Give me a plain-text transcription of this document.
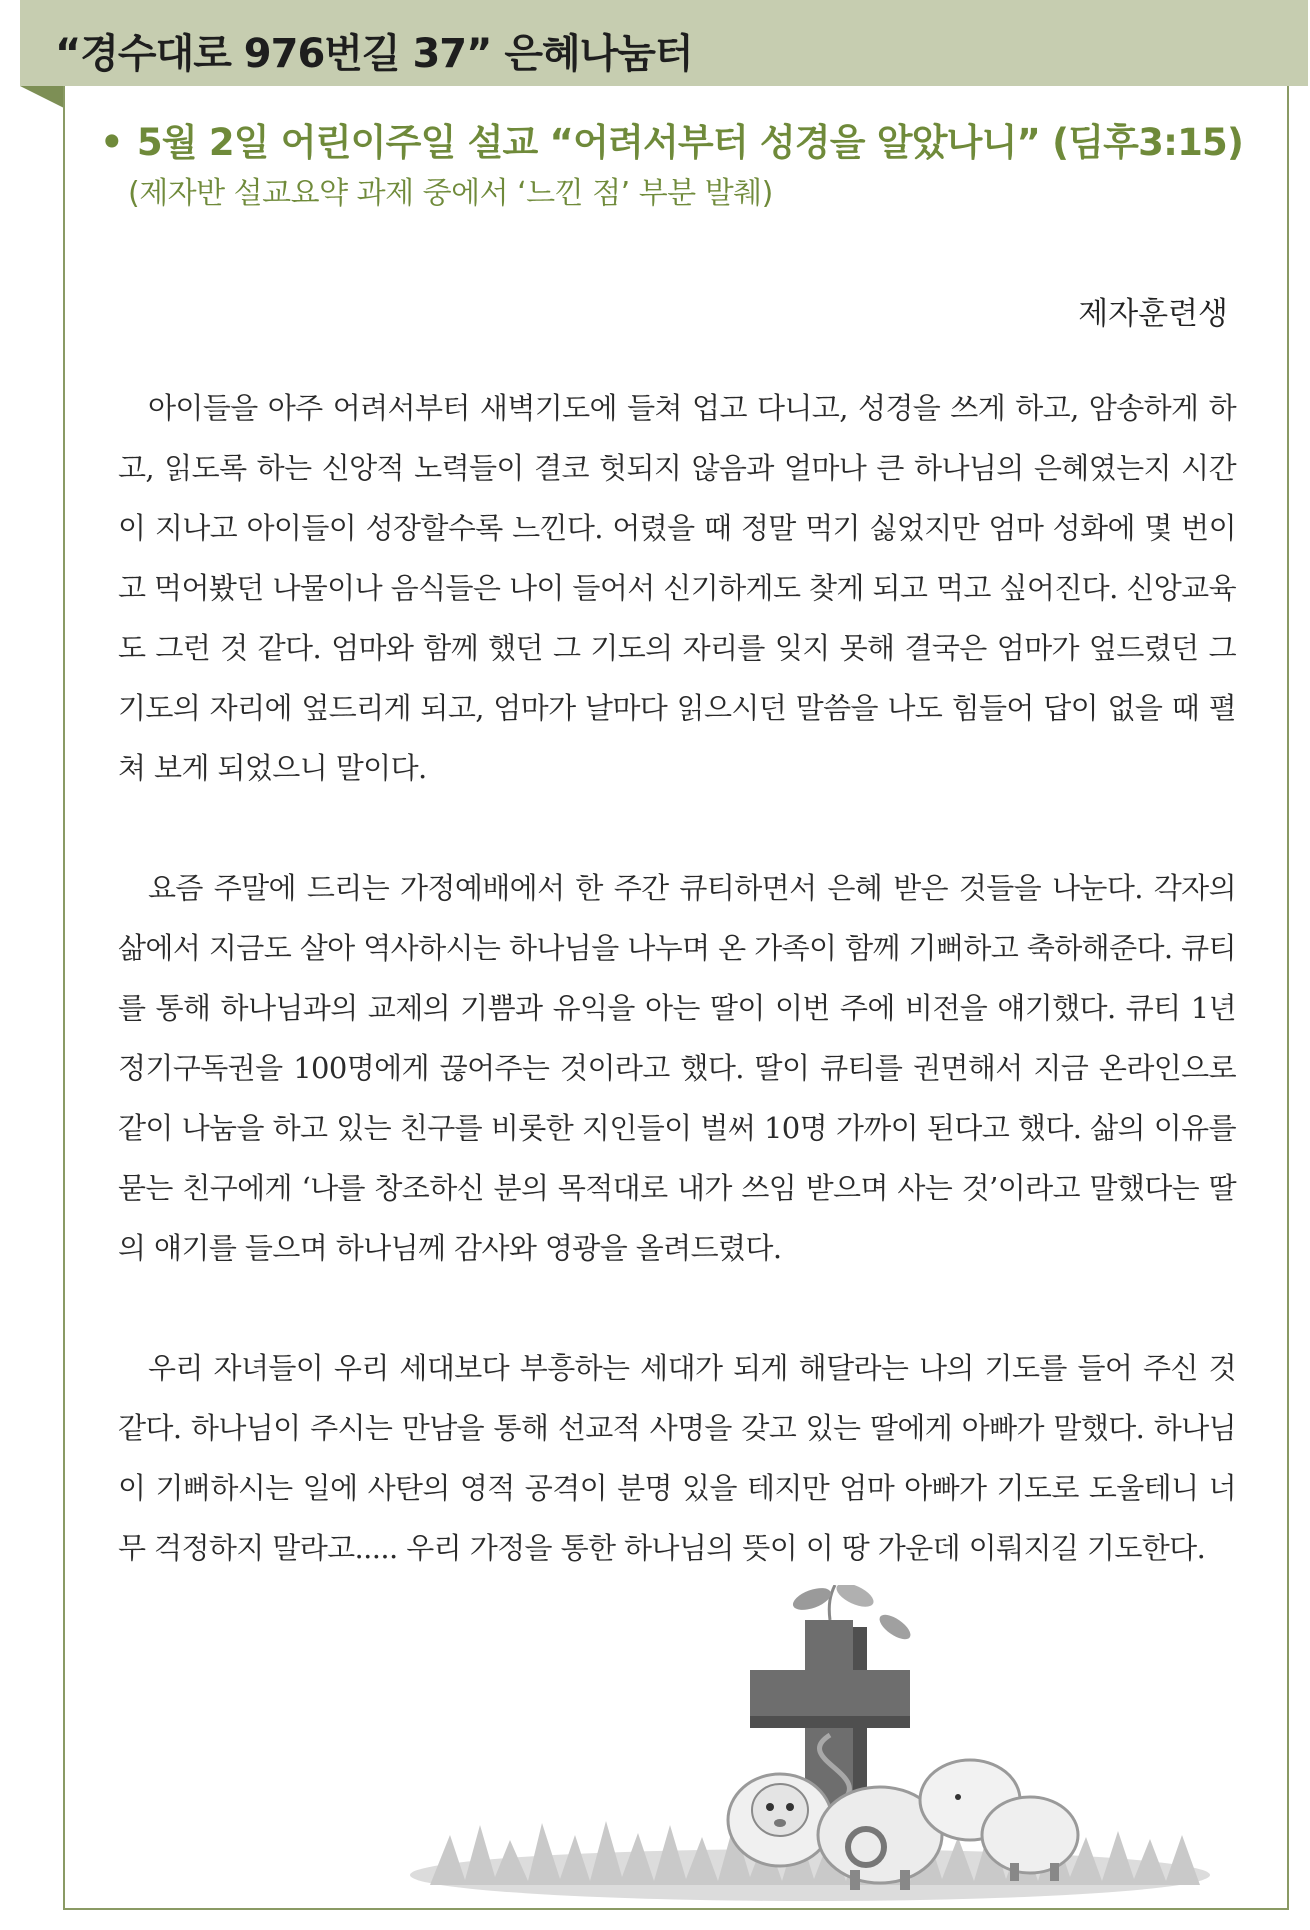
“경수대로 976번길 37” 은혜나눔터
• 5월 2일 어린이주일 설교 “어려서부터 성경을 알았나니” (딤후3:15)
(제자반 설교요약 과제 중에서 ‘느낀 점’ 부분 발췌)
제자훈련생

아이들을 아주 어려서부터 새벽기도에 들쳐 업고 다니고, 성경을 쓰게 하고, 암송하게 하고, 읽도록 하는 신앙적 노력들이 결코 헛되지 않음과 얼마나 큰 하나님의 은혜였는지 시간이 지나고 아이들이 성장할수록 느낀다. 어렸을 때 정말 먹기 싫었지만 엄마 성화에 몇 번이고 먹어봤던 나물이나 음식들은 나이 들어서 신기하게도 찾게 되고 먹고 싶어진다. 신앙교육도 그런 것 같다. 엄마와 함께 했던 그 기도의 자리를 잊지 못해 결국은 엄마가 엎드렸던 그 기도의 자리에 엎드리게 되고, 엄마가 날마다 읽으시던 말씀을 나도 힘들어 답이 없을 때 펼쳐 보게 되었으니 말이다.

요즘 주말에 드리는 가정예배에서 한 주간 큐티하면서 은혜 받은 것들을 나눈다. 각자의 삶에서 지금도 살아 역사하시는 하나님을 나누며 온 가족이 함께 기뻐하고 축하해준다. 큐티를 통해 하나님과의 교제의 기쁨과 유익을 아는 딸이 이번 주에 비전을 얘기했다. 큐티 1년 정기구독권을 100명에게 끊어주는 것이라고 했다. 딸이 큐티를 권면해서 지금 온라인으로 같이 나눔을 하고 있는 친구를 비롯한 지인들이 벌써 10명 가까이 된다고 했다. 삶의 이유를 묻는 친구에게 ‘나를 창조하신 분의 목적대로 내가 쓰임 받으며 사는 것’이라고 말했다는 딸의 얘기를 들으며 하나님께 감사와 영광을 올려드렸다.

우리 자녀들이 우리 세대보다 부흥하는 세대가 되게 해달라는 나의 기도를 들어 주신 것 같다. 하나님이 주시는 만남을 통해 선교적 사명을 갖고 있는 딸에게 아빠가 말했다. 하나님이 기뻐하시는 일에 사탄의 영적 공격이 분명 있을 테지만 엄마 아빠가 기도로 도울테니 너무 걱정하지 말라고..... 우리 가정을 통한 하나님의 뜻이 이 땅 가운데 이뤄지길 기도한다.
